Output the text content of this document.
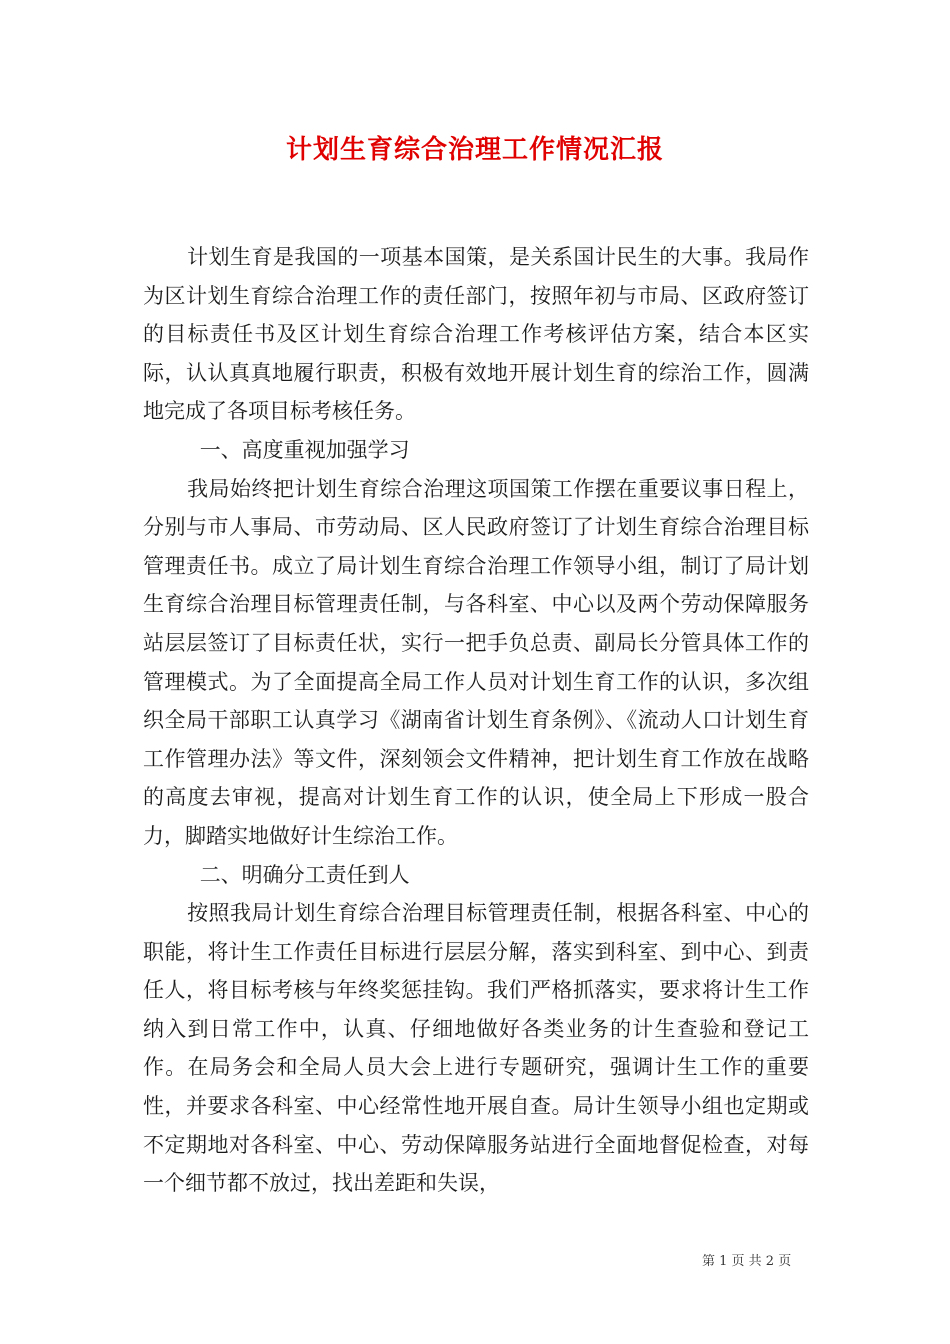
计划生育综合治理工作情况汇报

计划生育是我国的一项基本国策，是关系国计民生的大事。我局作为区计划生育综合治理工作的责任部门，按照年初与市局、区政府签订的目标责任书及区计划生育综合治理工作考核评估方案，结合本区实际，认认真真地履行职责，积极有效地开展计划生育的综治工作，圆满地完成了各项目标考核任务。

一、高度重视加强学习

我局始终把计划生育综合治理这项国策工作摆在重要议事日程上，分别与市人事局、市劳动局、区人民政府签订了计划生育综合治理目标管理责任书。成立了局计划生育综合治理工作领导小组，制订了局计划生育综合治理目标管理责任制，与各科室、中心以及两个劳动保障服务站层层签订了目标责任状，实行一把手负总责、副局长分管具体工作的管理模式。为了全面提高全局工作人员对计划生育工作的认识，多次组织全局干部职工认真学习《湖南省计划生育条例》、《流动人口计划生育工作管理办法》等文件，深刻领会文件精神，把计划生育工作放在战略的高度去审视，提高对计划生育工作的认识，使全局上下形成一股合力，脚踏实地做好计生综治工作。

二、明确分工责任到人

按照我局计划生育综合治理目标管理责任制，根据各科室、中心的职能，将计生工作责任目标进行层层分解，落实到科室、到中心、到责任人，将目标考核与年终奖惩挂钩。我们严格抓落实，要求将计生工作纳入到日常工作中，认真、仔细地做好各类业务的计生查验和登记工作。在局务会和全局人员大会上进行专题研究，强调计生工作的重要性，并要求各科室、中心经常性地开展自查。局计生领导小组也定期或不定期地对各科室、中心、劳动保障服务站进行全面地督促检查，对每一个细节都不放过，找出差距和失误，

第 1 页 共 2 页
